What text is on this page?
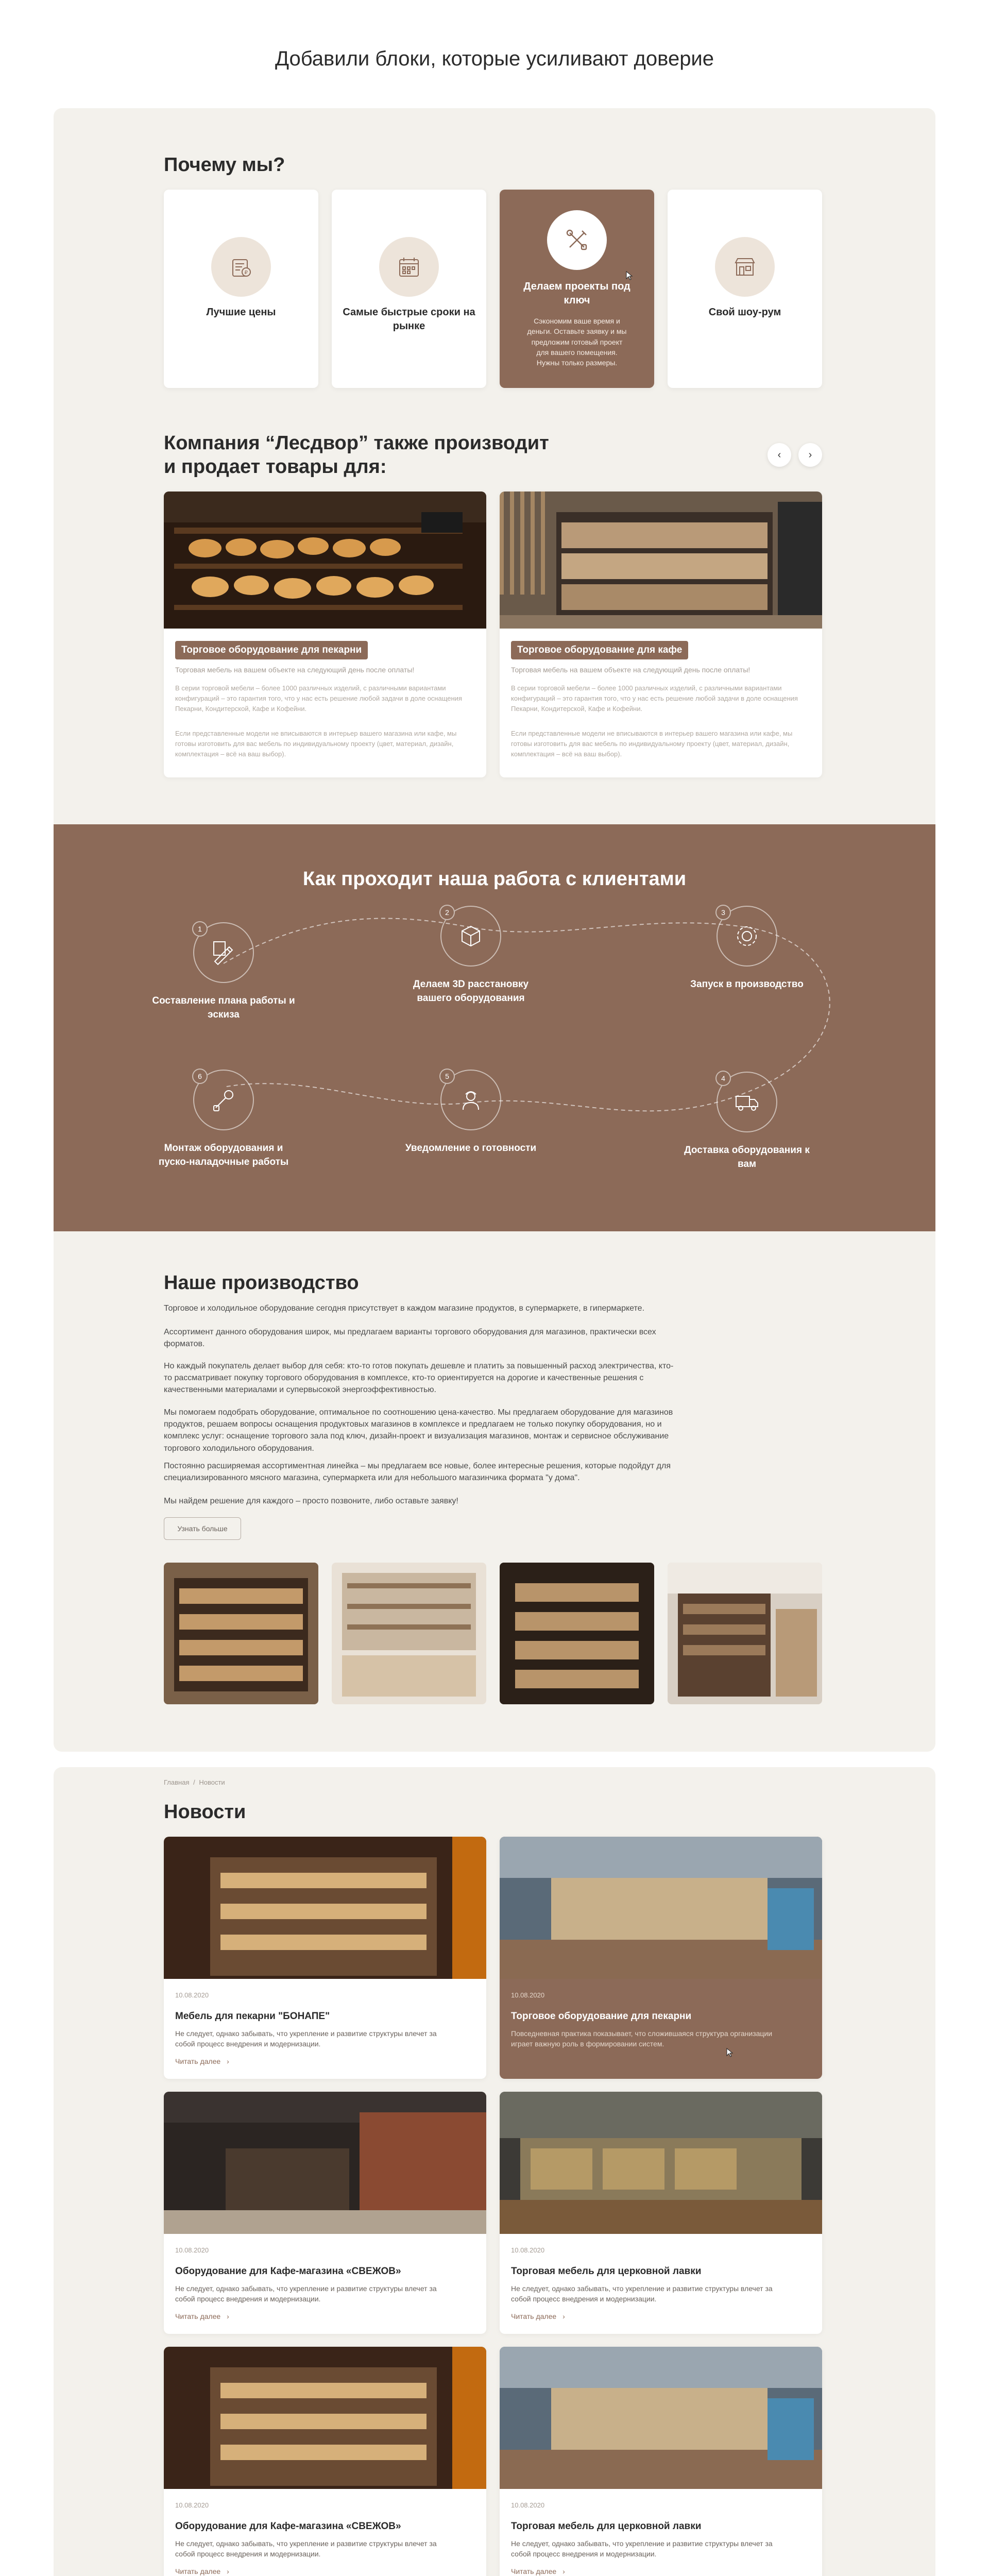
Добавили блоки, которые усиливают доверие
Почему мы?
₽
Лучшие цены	Самые быстрые сроки на рынке
Делаем проекты под ключ
Сэкономим ваше время и деньги. Оставьте заявку и мы предложим готовый проект для вашего помещения. Нужны только размеры.
Свой шоу-рум
Компания “Лесдвор” также производит и продает товары для:
‹	›
Торговое оборудование для пекарни
Торговая мебель на вашем объекте на следующий день после оплаты!
В серии торговой мебели – более 1000 различных изделий, с различными вариантами конфигураций – это гарантия того, что у нас есть решение любой задачи в доле оснащения Пекарни, Кондитерской, Кафе и Кофейни.
Если представленные модели не вписываются в интерьер вашего магазина или кафе, мы готовы изготовить для вас мебель по индивидуальному проекту (цвет, материал, дизайн, комплектация – всё на ваш выбор).
Торговое оборудование для кафе
Торговая мебель на вашем объекте на следующий день после оплаты!
В серии торговой мебели – более 1000 различных изделий, с различными вариантами конфигураций – это гарантия того, что у нас есть решение любой задачи в доле оснащения Пекарни, Кондитерской, Кафе и Кофейни.
Если представленные модели не вписываются в интерьер вашего магазина или кафе, мы готовы изготовить для вас мебель по индивидуальному проекту (цвет, материал, дизайн, комплектация – всё на ваш выбор).
Как проходит наша работа с клиентами
1
Составление плана работы и эскиза
2
Делаем 3D расстановку вашего оборудования
3
Запуск в производство
4
Доставка оборудования к вам
5
Уведомление о готовности
6
Монтаж оборудования и пуско-наладочные работы
Наше производство
Торговое и холодильное оборудование сегодня присутствует в каждом магазине продуктов, в супермаркете, в гипермаркете.
Ассортимент данного оборудования широк, мы предлагаем варианты торгового оборудования для магазинов, практически всех форматов.
Но каждый покупатель делает выбор для себя: кто-то готов покупать дешевле и платить за повышенный расход электричества, кто-то рассматривает покупку торгового оборудования в комплексе, кто-то ориентируется на дорогие и качественные решения с качественными материалами и супервысокой энергоэффективностью.
Мы помогаем подобрать оборудование, оптимальное по соотношению цена-качество. Мы предлагаем оборудование для магазинов продуктов, решаем вопросы оснащения продуктовых магазинов в комплексе и предлагаем не только покупку оборудования, но и комплекс услуг: оснащение торгового зала под ключ, дизайн-проект и визуализация магазинов, монтаж и сервисное обслуживание торгового холодильного оборудования.
Постоянно расширяемая ассортиментная линейка – мы предлагаем все новые, более интересные решения, которые подойдут для специализированного мясного магазина, супермаркета или для небольшого магазинчика формата "у дома".
Мы найдем решение для каждого – просто позвоните, либо оставьте заявку!
Узнать больше
Главная / Новости
Новости
10.08.2020
Мебель для пекарни "БОНАПЕ"
Не следует, однако забывать, что укрепление и развитие структуры влечет за собой процесс внедрения и модернизации.
Читать далее ›
10.08.2020
Торговое оборудование для пекарни
Повседневная практика показывает, что сложившаяся структура организации играет важную роль в формировании систем.
10.08.2020
Оборудование для Кафе-магазина «СВЕЖОВ»
Не следует, однако забывать, что укрепление и развитие структуры влечет за собой процесс внедрения и модернизации.
Читать далее ›
10.08.2020
Торговая мебель для церковной лавки
Не следует, однако забывать, что укрепление и развитие структуры влечет за собой процесс внедрения и модернизации.
Читать далее ›
10.08.2020
Оборудование для Кафе-магазина «СВЕЖОВ»
Не следует, однако забывать, что укрепление и развитие структуры влечет за собой процесс внедрения и модернизации.
Читать далее ›
10.08.2020
Торговая мебель для церковной лавки
Не следует, однако забывать, что укрепление и развитие структуры влечет за собой процесс внедрения и модернизации.
Читать далее ›
